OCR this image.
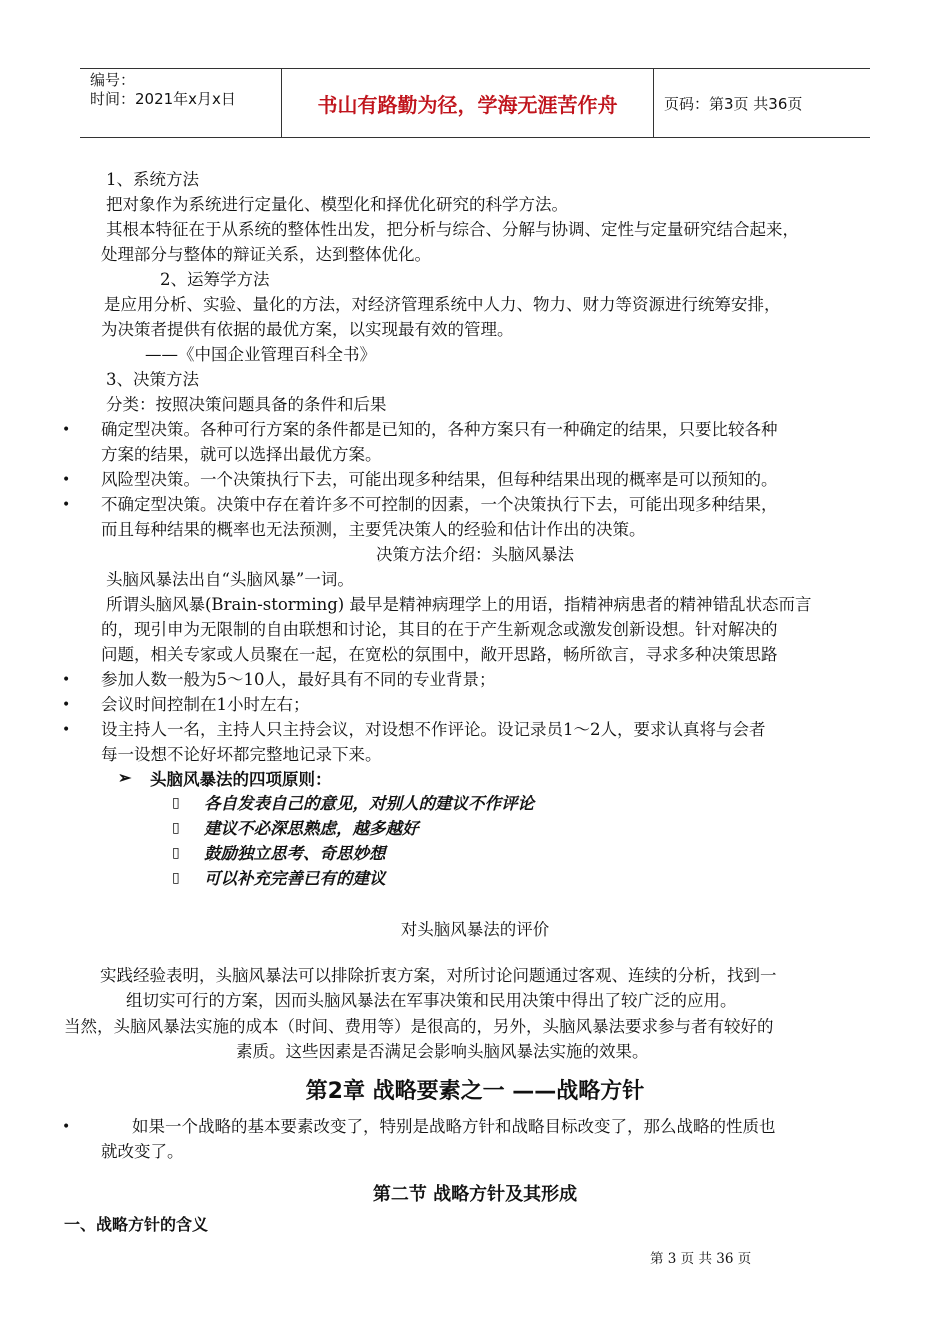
编号：
时间：2021年x月x日	书山有路勤为径，学海无涯苦作舟	页码：第3页 共36页
1、系统方法
把对象作为系统进行定量化、模型化和择优化研究的科学方法。
其根本特征在于从系统的整体性出发，把分析与综合、分解与协调、定性与定量研究结合起来，
处理部分与整体的辩证关系，达到整体优化。
2、运筹学方法
是应用分析、实验、量化的方法，对经济管理系统中人力、物力、财力等资源进行统筹安排，
为决策者提供有依据的最优方案，以实现最有效的管理。
——《中国企业管理百科全书》
3、决策方法
分类：按照决策问题具备的条件和后果
• 确定型决策。各种可行方案的条件都是已知的，各种方案只有一种确定的结果，只要比较各种
方案的结果，就可以选择出最优方案。
• 风险型决策。一个决策执行下去，可能出现多种结果，但每种结果出现的概率是可以预知的。
• 不确定型决策。决策中存在着许多不可控制的因素，一个决策执行下去，可能出现多种结果，
而且每种结果的概率也无法预测，主要凭决策人的经验和估计作出的决策。
决策方法介绍：头脑风暴法
头脑风暴法出自“头脑风暴”一词。
所谓头脑风暴(Brain-storming) 最早是精神病理学上的用语，指精神病患者的精神错乱状态而言
的，现引申为无限制的自由联想和讨论，其目的在于产生新观念或激发创新设想。针对解决的
问题，相关专家或人员聚在一起，在宽松的氛围中，敞开思路，畅所欲言，寻求多种决策思路
• 参加人数一般为5～10人，最好具有不同的专业背景；
• 会议时间控制在1小时左右；
• 设主持人一名，主持人只主持会议，对设想不作评论。设记录员1～2人，要求认真将与会者
每一设想不论好坏都完整地记录下来。
➢ 头脑风暴法的四项原则：
▯ 各自发表自己的意见，对别人的建议不作评论
▯ 建议不必深思熟虑，越多越好
▯ 鼓励独立思考、奇思妙想
▯ 可以补充完善已有的建议
对头脑风暴法的评价
实践经验表明，头脑风暴法可以排除折衷方案，对所讨论问题通过客观、连续的分析，找到一
组切实可行的方案，因而头脑风暴法在军事决策和民用决策中得出了较广泛的应用。
当然，头脑风暴法实施的成本（时间、费用等）是很高的，另外，头脑风暴法要求参与者有较好的
素质。这些因素是否满足会影响头脑风暴法实施的效果。
第2章 战略要素之一 ——战略方针
•	如果一个战略的基本要素改变了，特别是战略方针和战略目标改变了，那么战略的性质也
就改变了。
第二节 战略方针及其形成
一、战略方针的含义
第 3 页 共 36 页
